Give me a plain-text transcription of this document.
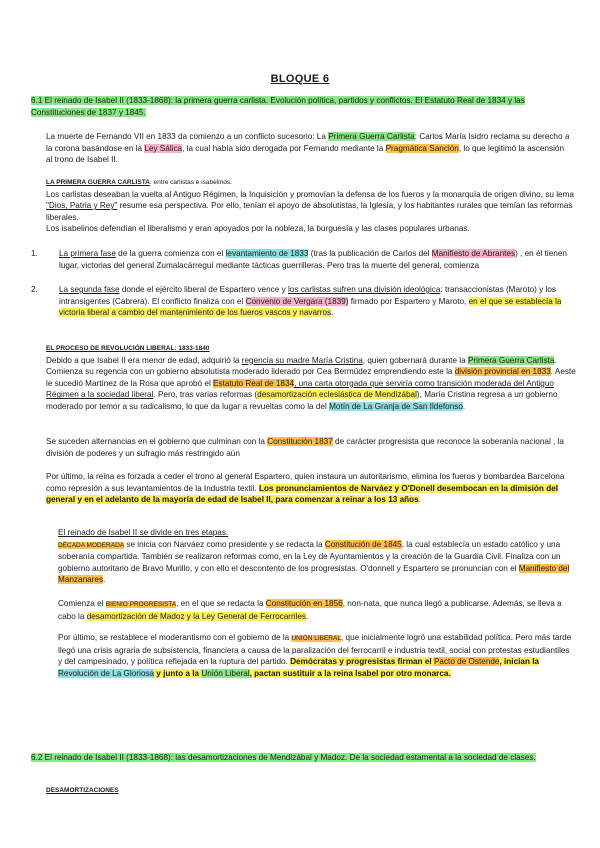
BLOQUE 6
6.1 El reinado de Isabel II (1833-1868): la primera guerra carlista. Evolución política, partidos y conflictos. El Estatuto Real de 1834 y las Constituciones de 1837 y 1845.
La muerte de Fernando VII en 1833 da comienzo a un conflicto sucesorio: La Primera Guerra Carlista: Carlos María Isidro reclama su derecho a la corona basándose en la Ley Sálica, la cual había sido derogada por Fernando mediante la Pragmática Sanción, lo que legitimó la ascensión al trono de Isabel II.
LA PRIMERA GUERRA CARLISTA: entre carlistas e isabelinos.
Los carlistas deseaban la vuelta al Antiguo Régimen, la Inquisición y promovían la defensa de los fueros y la monarquía de origen divino, su lema "Dios, Patria y Rey" resume esa perspectiva. Por ello, tenían el apoyo de absolutistas, la Iglesia, y los habitantes rurales que temían las reformas liberales.
Los isabelinos defendían el liberalismo y eran apoyados por la nobleza, la burguesía y las clases populares urbanas.
1.	La primera fase de la guerra comienza con el levantamiento de 1833 (tras la publicación de Carlos del Manifiesto de Abrantes) , en él tienen lugar, victorias del general Zumalacárreguí mediante tácticas guerrilleras. Pero tras la muerte del general, comienza
2.	La segunda fase donde el ejército liberal de Espartero vence y los carlistas sufren una división ideológica: transaccionistas (Maroto) y los intransigentes (Cabrera). El conflicto finaliza con el Convenio de Vergara (1839) firmado por Espartero y Maroto, en el que se establecía la victoria liberal a cambio del mantenimiento de los fueros vascos y navarros.
EL PROCESO DE REVOLUCIÓN LIBERAL: 1833-1840
Debido a que Isabel II era menor de edad, adquirió la regencia su madre María Cristina, quien gobernará durante la Primera Guerra Carlista. Comienza su regencia con un gobierno absolutista moderado liderado por Cea Bermúdez emprendiendo este la división provincial en 1833. Aeste le sucedió Martínez de la Rosa que aprobó el Estatuto Real de 1834, una carta otorgada que serviría como transición moderada del Antiguo Régimen a la sociedad liberal. Pero, tras varias reformas (desamortización eclesiástica de Mendizábal), María Cristina regresa a un gobierno moderado por temor a su radicalismo, lo que da lugar a revueltas como la del Motín de La Granja de San Ildefonso.
Se suceden alternancias en el gobierno que culminan con la Constitución 1837 de carácter progresista que reconoce la soberanía nacional , la división de poderes y un sufragio más restringido aún
Por último, la reina es forzada a ceder el trono al general Espartero, quien instaura un autoritarismo, elimina los fueros y bombardea Barcelona como represión a sus levantamientos de la Industria textil. Los pronunciamientos de Narváez y O'Donell desembocan en la dimisión del general y en el adelanto de la mayoría de edad de Isabel II, para comenzar a reinar a los 13 años.
El reinado de Isabel II se divide en tres etapas.
DÉCADA MODERADA se inicia con Narváez como presidente y se redacta la Constitución de 1845, la cual establecía un estado católico y una soberanía compartida. También se realizaron reformas como, en la Ley de Ayuntamientos y la creación de la Guardia Civil. Finaliza con un gobierno autoritario de Bravo Murillo, y con ello el descontento de los progresistas. O'donnell y Espartero se pronuncian con el Manifiesto del Manzanares.
Comienza el BIENIO PROGRESISTA, en el que se redacta la Constitución en 1856, non-nata, que nunca llegó a publicarse. Además, se lleva a cabo la desamortización de Madoz y la Ley General de Ferrocarriles.
Por último, se restablece el moderantismo con el gobierno de la UNIÓN LIBERAL, que inicialmente logró una estabilidad política. Pero más tarde llegó una crisis agraria de subsistencia, financiera a causa de la paralización del ferrocarril e industria textil, social con protestas estudiantiles y del campesinado, y política reflejada en la ruptura del partido. Demócratas y progresistas firman el Pacto de Ostende, inician la Revolución de La Gloriosa y junto a la Unión Liberal, pactan sustituir a la reina Isabel por otro monarca.
6.2 El reinado de Isabel II (1833-1868): las desamortizaciones de Mendizábal y Madoz. De la sociedad estamental a la sociedad de clases.
DESAMORTIZACIONES
